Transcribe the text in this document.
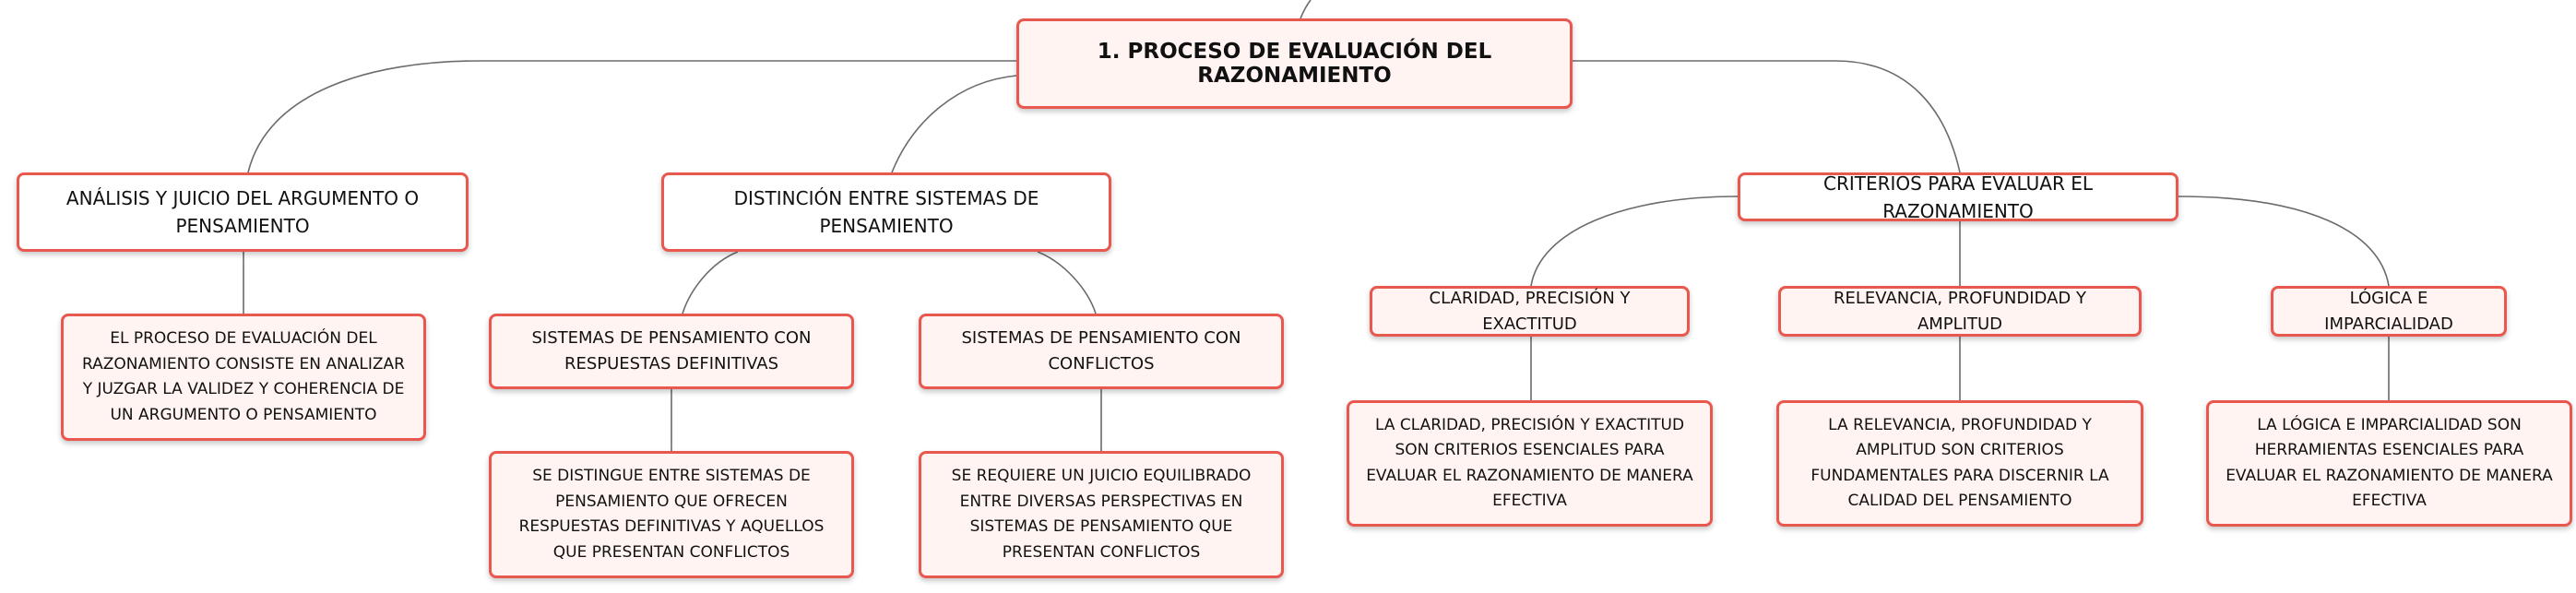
1. PROCESO DE EVALUACIÓN DEL RAZONAMIENTO
ANÁLISIS Y JUICIO DEL ARGUMENTO O PENSAMIENTO
EL PROCESO DE EVALUACIÓN DEL RAZONAMIENTO CONSISTE EN ANALIZAR Y JUZGAR LA VALIDEZ Y COHERENCIA DE UN ARGUMENTO O PENSAMIENTO
DISTINCIÓN ENTRE SISTEMAS DE PENSAMIENTO
SISTEMAS DE PENSAMIENTO CON RESPUESTAS DEFINITIVAS
SE DISTINGUE ENTRE SISTEMAS DE PENSAMIENTO QUE OFRECEN RESPUESTAS DEFINITIVAS Y AQUELLOS QUE PRESENTAN CONFLICTOS
SISTEMAS DE PENSAMIENTO CON CONFLICTOS
SE REQUIERE UN JUICIO EQUILIBRADO ENTRE DIVERSAS PERSPECTIVAS EN SISTEMAS DE PENSAMIENTO QUE PRESENTAN CONFLICTOS
CRITERIOS PARA EVALUAR EL RAZONAMIENTO
CLARIDAD, PRECISIÓN Y EXACTITUD
LA CLARIDAD, PRECISIÓN Y EXACTITUD SON CRITERIOS ESENCIALES PARA EVALUAR EL RAZONAMIENTO DE MANERA EFECTIVA
RELEVANCIA, PROFUNDIDAD Y AMPLITUD
LA RELEVANCIA, PROFUNDIDAD Y AMPLITUD SON CRITERIOS FUNDAMENTALES PARA DISCERNIR LA CALIDAD DEL PENSAMIENTO
LÓGICA E IMPARCIALIDAD
LA LÓGICA E IMPARCIALIDAD SON HERRAMIENTAS ESENCIALES PARA EVALUAR EL RAZONAMIENTO DE MANERA EFECTIVA
